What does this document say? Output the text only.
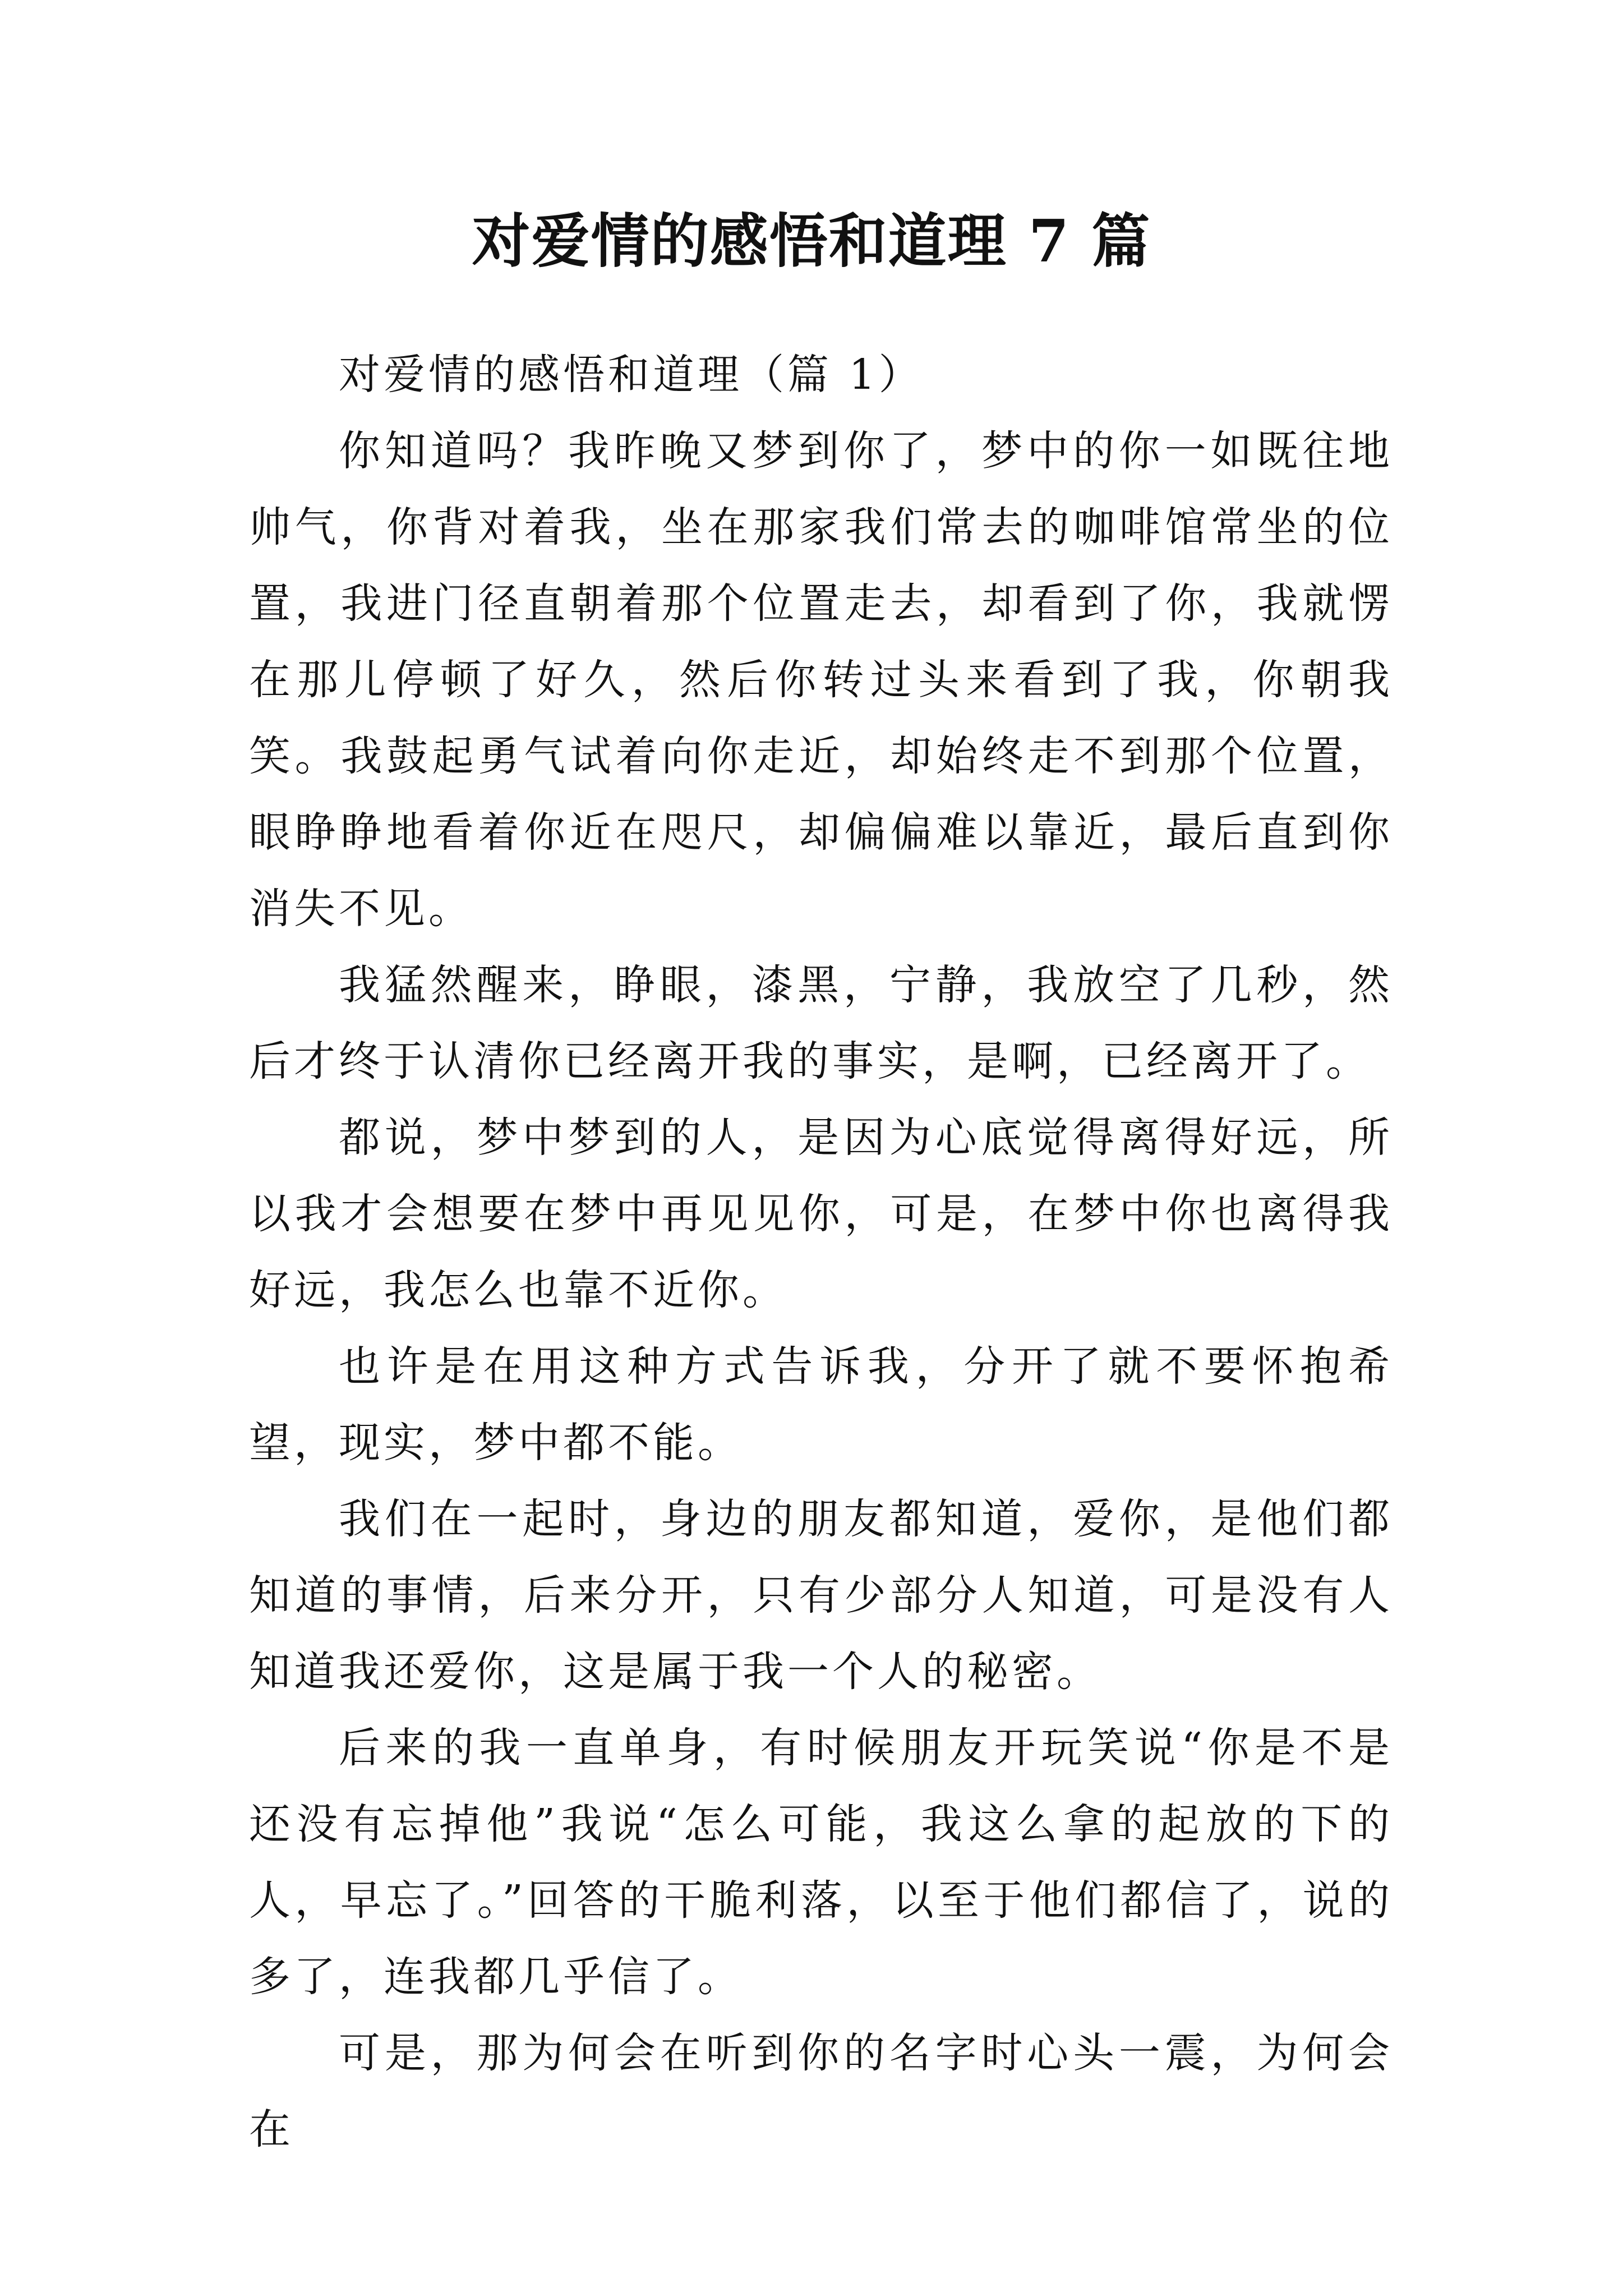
对爱情的感悟和道理 7 篇

对爱情的感悟和道理（篇 1）

你知道吗？我昨晚又梦到你了，梦中的你一如既往地帅气，你背对着我，坐在那家我们常去的咖啡馆常坐的位置，我进门径直朝着那个位置走去，却看到了你，我就愣在那儿停顿了好久，然后你转过头来看到了我，你朝我笑。我鼓起勇气试着向你走近，却始终走不到那个位置，眼睁睁地看着你近在咫尺，却偏偏难以靠近，最后直到你消失不见。

我猛然醒来，睁眼，漆黑，宁静，我放空了几秒，然后才终于认清你已经离开我的事实，是啊，已经离开了。

都说，梦中梦到的人，是因为心底觉得离得好远，所以我才会想要在梦中再见见你，可是，在梦中你也离得我好远，我怎么也靠不近你。

也许是在用这种方式告诉我，分开了就不要怀抱希望，现实，梦中都不能。

我们在一起时，身边的朋友都知道，爱你，是他们都知道的事情，后来分开，只有少部分人知道，可是没有人知道我还爱你，这是属于我一个人的秘密。

后来的我一直单身，有时候朋友开玩笑说“你是不是还没有忘掉他”我说“怎么可能，我这么拿的起放的下的人，早忘了。”回答的干脆利落，以至于他们都信了，说的多了，连我都几乎信了。

可是，那为何会在听到你的名字时心头一震，为何会在
